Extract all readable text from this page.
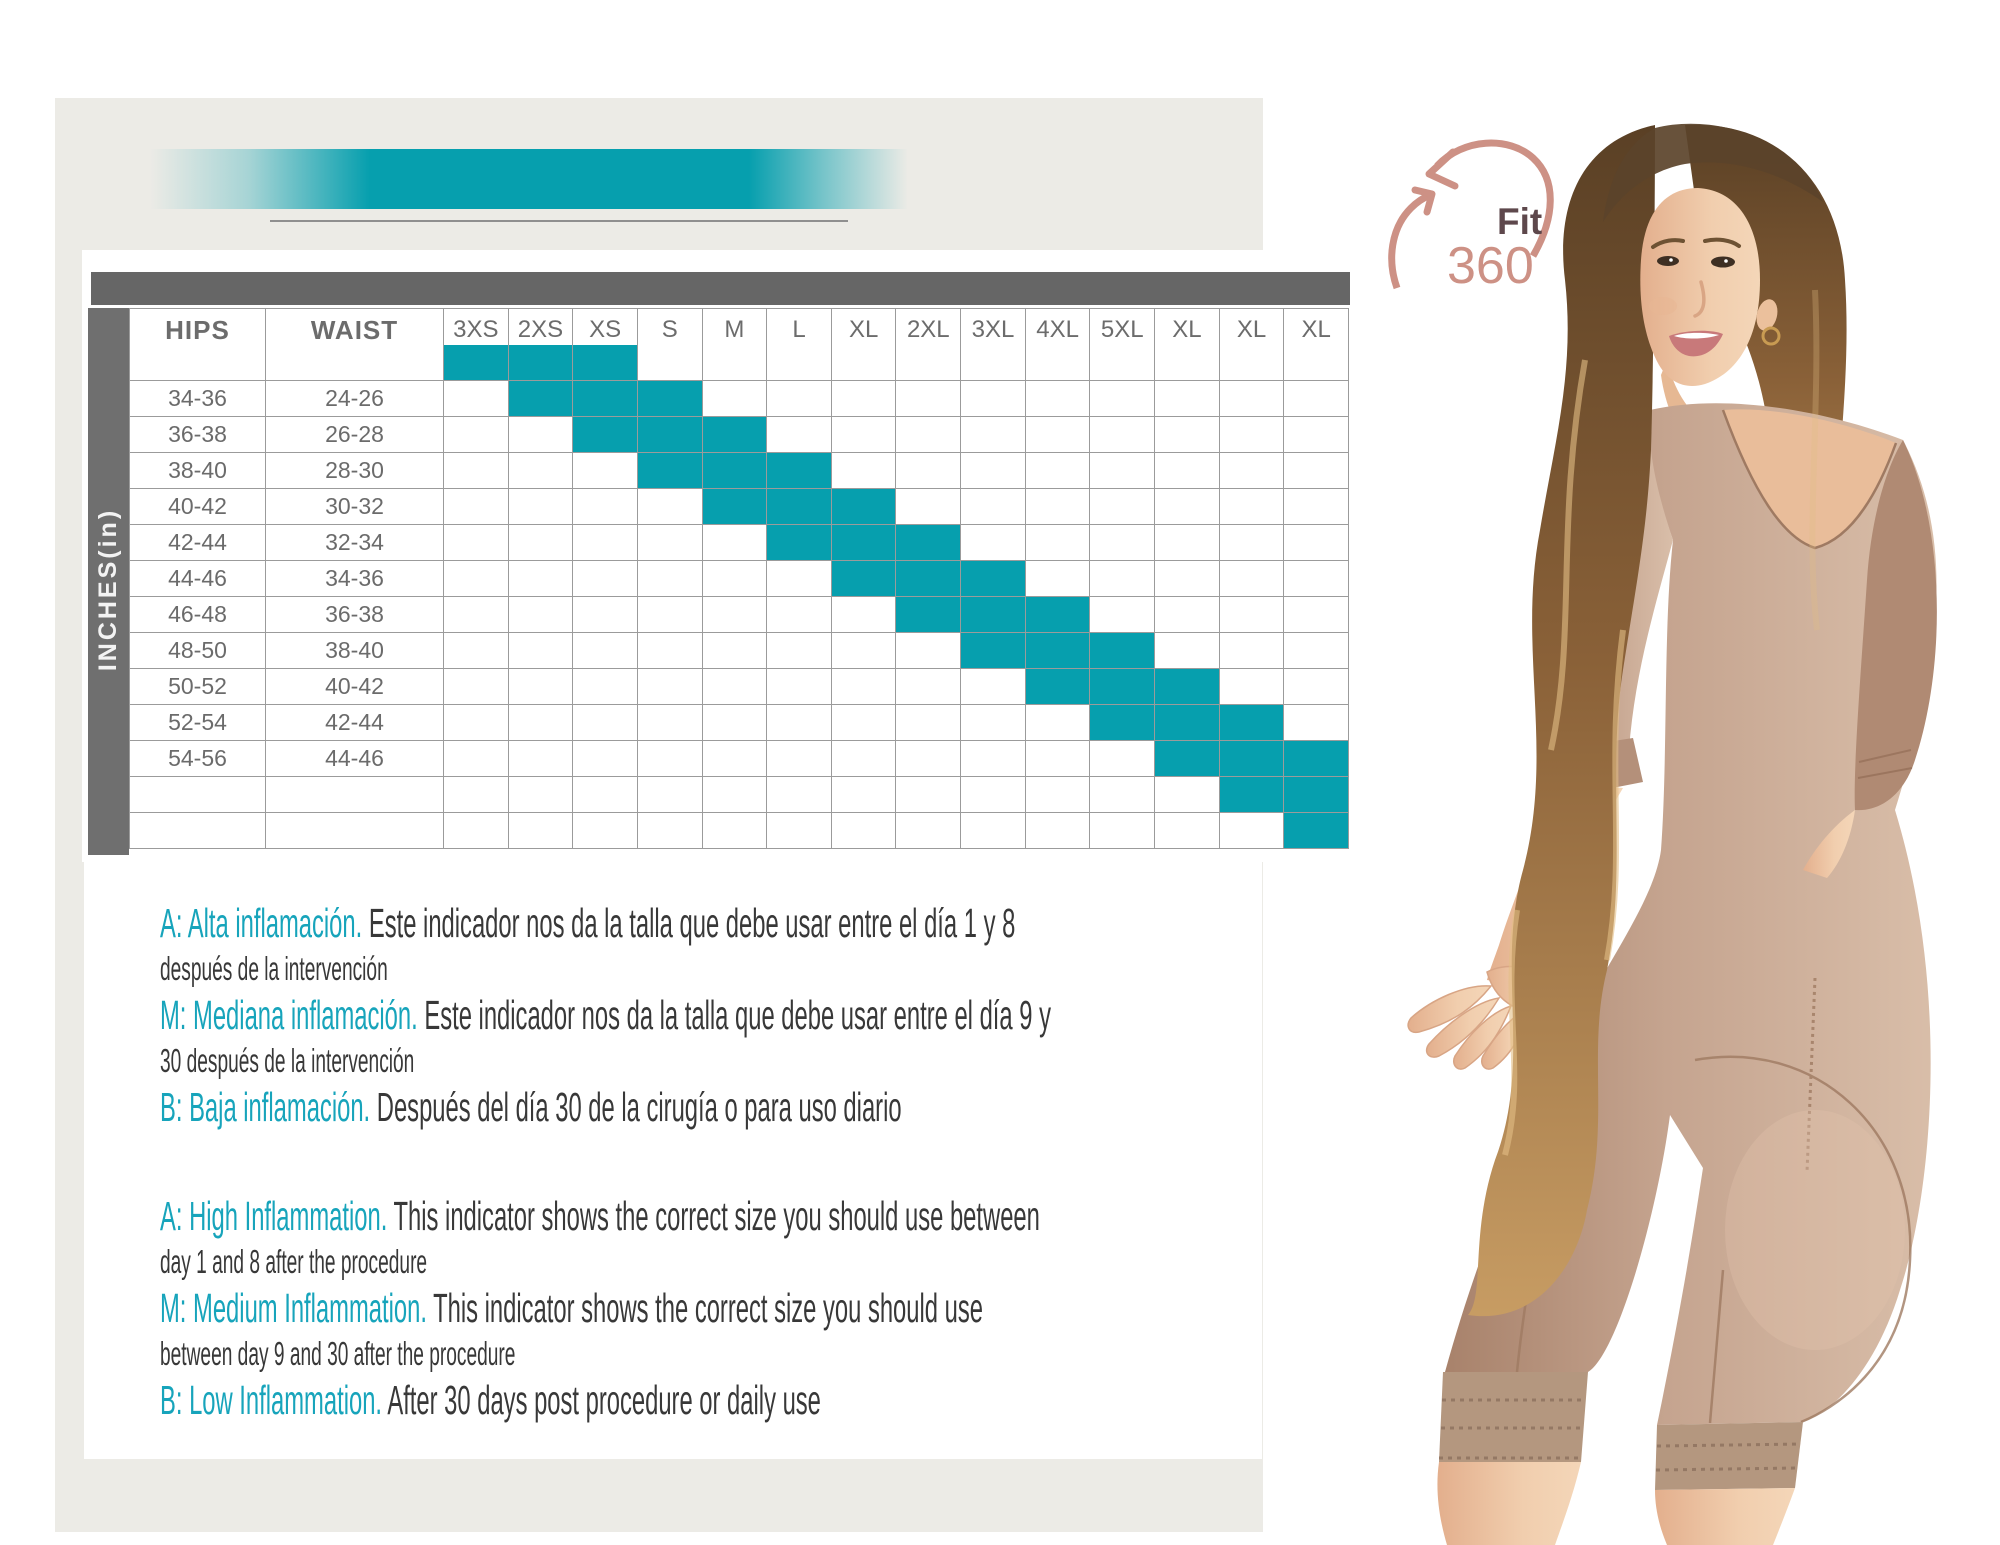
INCHES(in)
HIPS	WAIST	3XS 2XS	XS	S	M	L	XL	2XL 3XL 4XL 5XL	XL	XL	XL
34-36	24-26
36-38	26-28
38-40	28-30
40-42	30-32
42-44	32-34
44-46	34-36
46-48	36-38
48-50	38-40
50-52	40-42
52-54	42-44
54-56	44-46
A: Alta inflamación. Este indicador nos da la talla que debe usar entre el día 1 y 8
después de la intervención
M: Mediana inflamación. Este indicador nos da la talla que debe usar entre el día 9 y
30 después de la intervención
B: Baja inflamación. Después del día 30 de la cirugía o para uso diario
A: High Inflammation. This indicator shows the correct size you should use between
day 1 and 8 after the procedure
M: Medium Inflammation. This indicator shows the correct size you should use
between day 9 and 30 after the procedure
B: Low Inflammation. After 30 days post procedure or daily use
Fit
360
